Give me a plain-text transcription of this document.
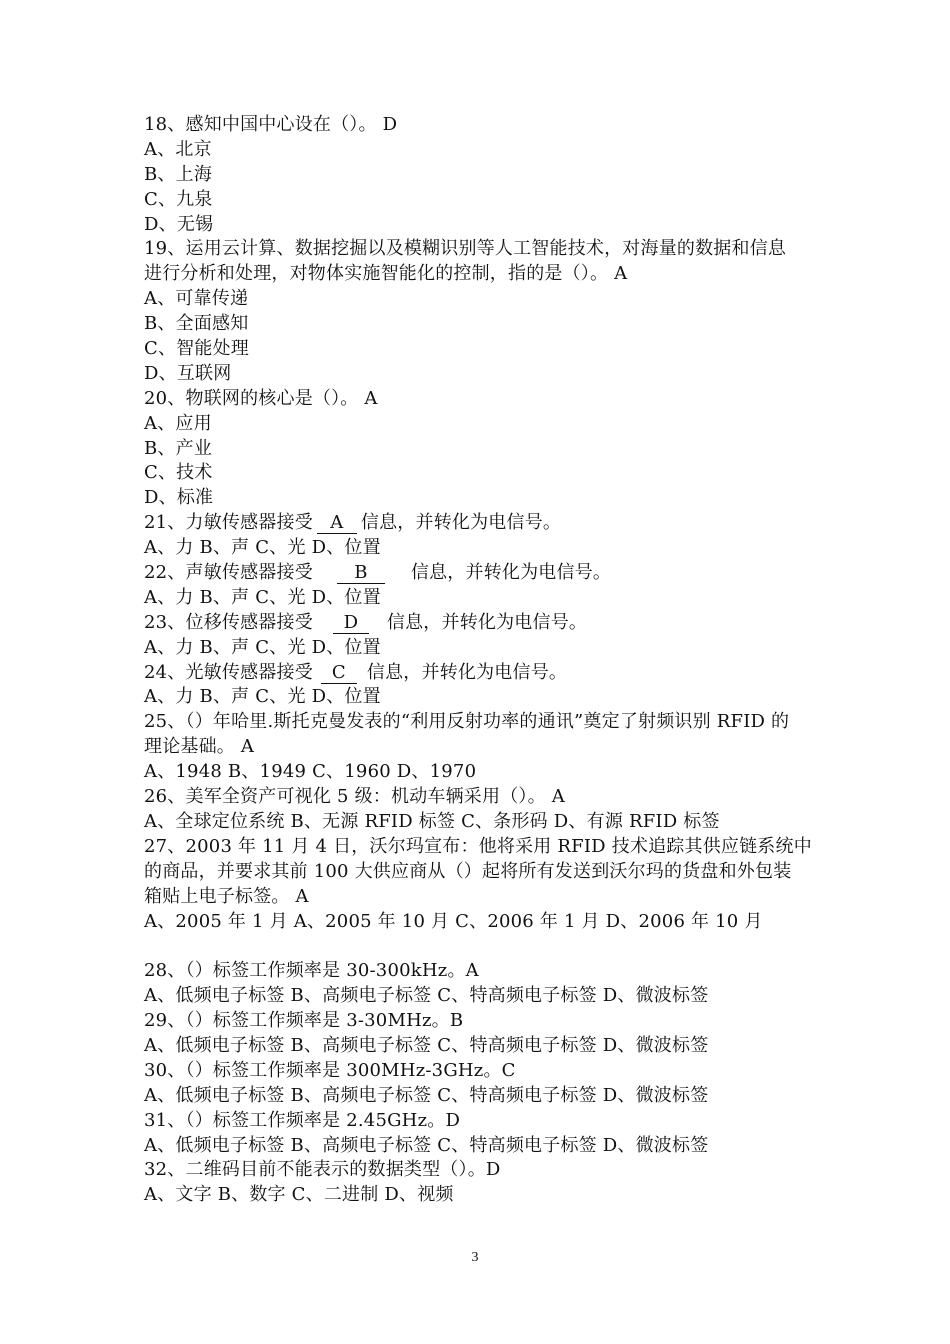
18、感知中国中心设在（）。 D
A、北京
B、上海
C、九泉
D、无锡
19、运用云计算、数据挖掘以及模糊识别等人工智能技术，对海量的数据和信息
进行分析和处理，对物体实施智能化的控制，指的是（）。 A
A、可靠传递
B、全面感知
C、智能处理
D、互联网
20、物联网的核心是（）。 A
A、应用
B、产业
C、技术
D、标准
21、力敏传感器接受 A 信息，并转化为电信号。
A、力 B、声 C、光 D、位置
22、声敏传感器接受 B 信息，并转化为电信号。
A、力 B、声 C、光 D、位置
23、位移传感器接受 D 信息，并转化为电信号。
A、力 B、声 C、光 D、位置
24、光敏传感器接受 C 信息，并转化为电信号。
A、力 B、声 C、光 D、位置
25、（）年哈里.斯托克曼发表的“利用反射功率的通讯”奠定了射频识别 RFID 的
理论基础。 A
A、1948 B、1949 C、1960 D、1970
26、美军全资产可视化 5 级：机动车辆采用（）。 A
A、全球定位系统 B、无源 RFID 标签 C、条形码 D、有源 RFID 标签
27、2003 年 11 月 4 日，沃尔玛宣布：他将采用 RFID 技术追踪其供应链系统中
的商品，并要求其前 100 大供应商从（）起将所有发送到沃尔玛的货盘和外包装
箱贴上电子标签。 A
A、2005 年 1 月 A、2005 年 10 月 C、2006 年 1 月 D、2006 年 10 月
28、（）标签工作频率是 30-300kHz。A
A、低频电子标签 B、高频电子标签 C、特高频电子标签 D、微波标签
29、（）标签工作频率是 3-30MHz。B
A、低频电子标签 B、高频电子标签 C、特高频电子标签 D、微波标签
30、（）标签工作频率是 300MHz-3GHz。C
A、低频电子标签 B、高频电子标签 C、特高频电子标签 D、微波标签
31、（）标签工作频率是 2.45GHz。D
A、低频电子标签 B、高频电子标签 C、特高频电子标签 D、微波标签
32、二维码目前不能表示的数据类型（）。D
A、文字 B、数字 C、二进制 D、视频
3
